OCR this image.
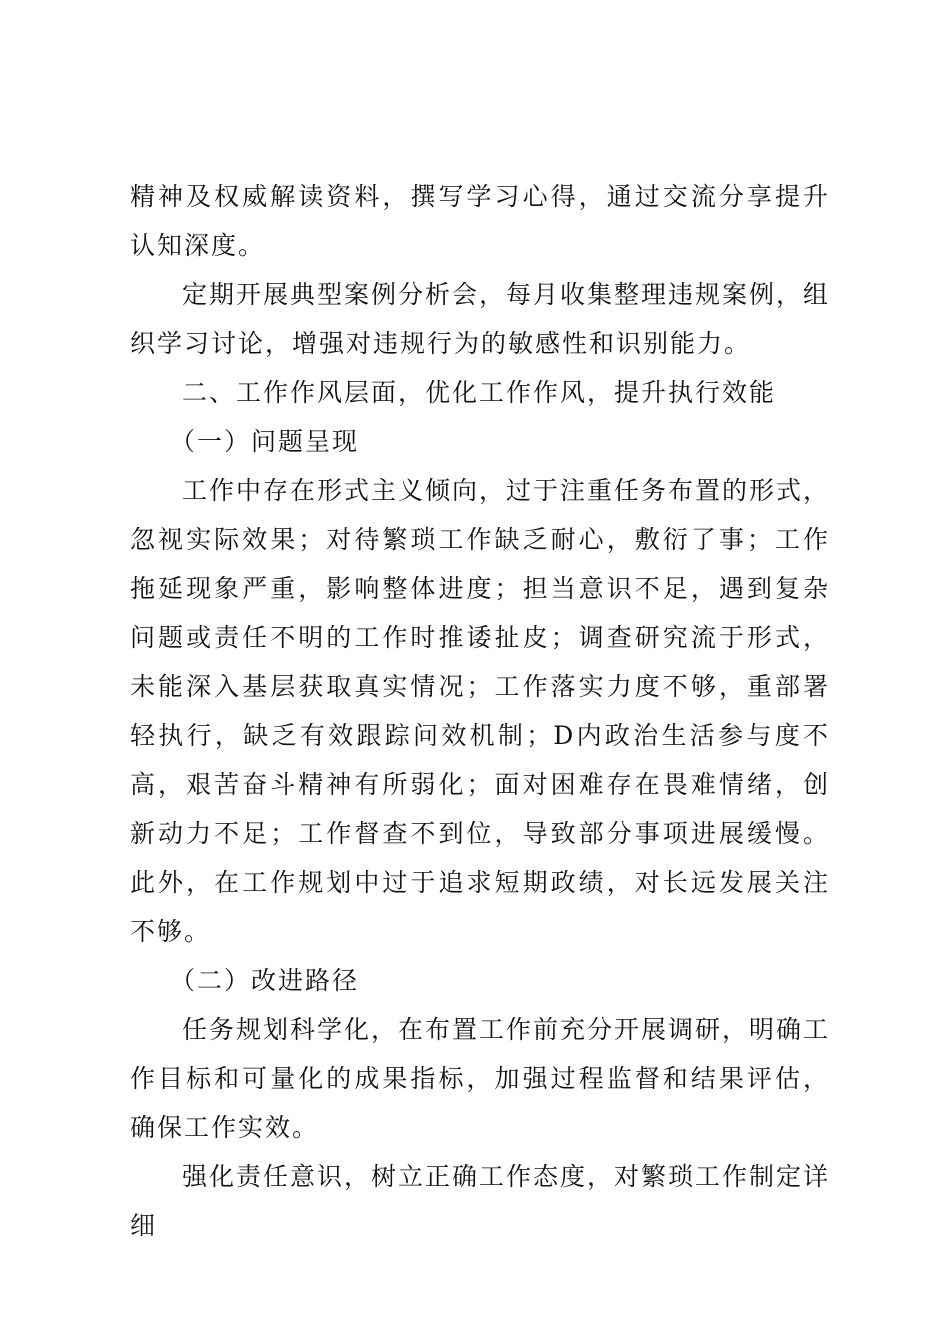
精神及权威解读资料，撰写学习心得，通过交流分享提升认知深度。

定期开展典型案例分析会，每月收集整理违规案例，组织学习讨论，增强对违规行为的敏感性和识别能力。

二、工作作风层面，优化工作作风，提升执行效能

（一）问题呈现

工作中存在形式主义倾向，过于注重任务布置的形式，忽视实际效果；对待繁琐工作缺乏耐心，敷衍了事；工作拖延现象严重，影响整体进度；担当意识不足，遇到复杂问题或责任不明的工作时推诿扯皮；调查研究流于形式，未能深入基层获取真实情况；工作落实力度不够，重部署轻执行，缺乏有效跟踪问效机制；D内政治生活参与度不高，艰苦奋斗精神有所弱化；面对困难存在畏难情绪，创新动力不足；工作督查不到位，导致部分事项进展缓慢。此外，在工作规划中过于追求短期政绩，对长远发展关注不够。

（二）改进路径

任务规划科学化，在布置工作前充分开展调研，明确工作目标和可量化的成果指标，加强过程监督和结果评估，确保工作实效。

强化责任意识，树立正确工作态度，对繁琐工作制定详细
